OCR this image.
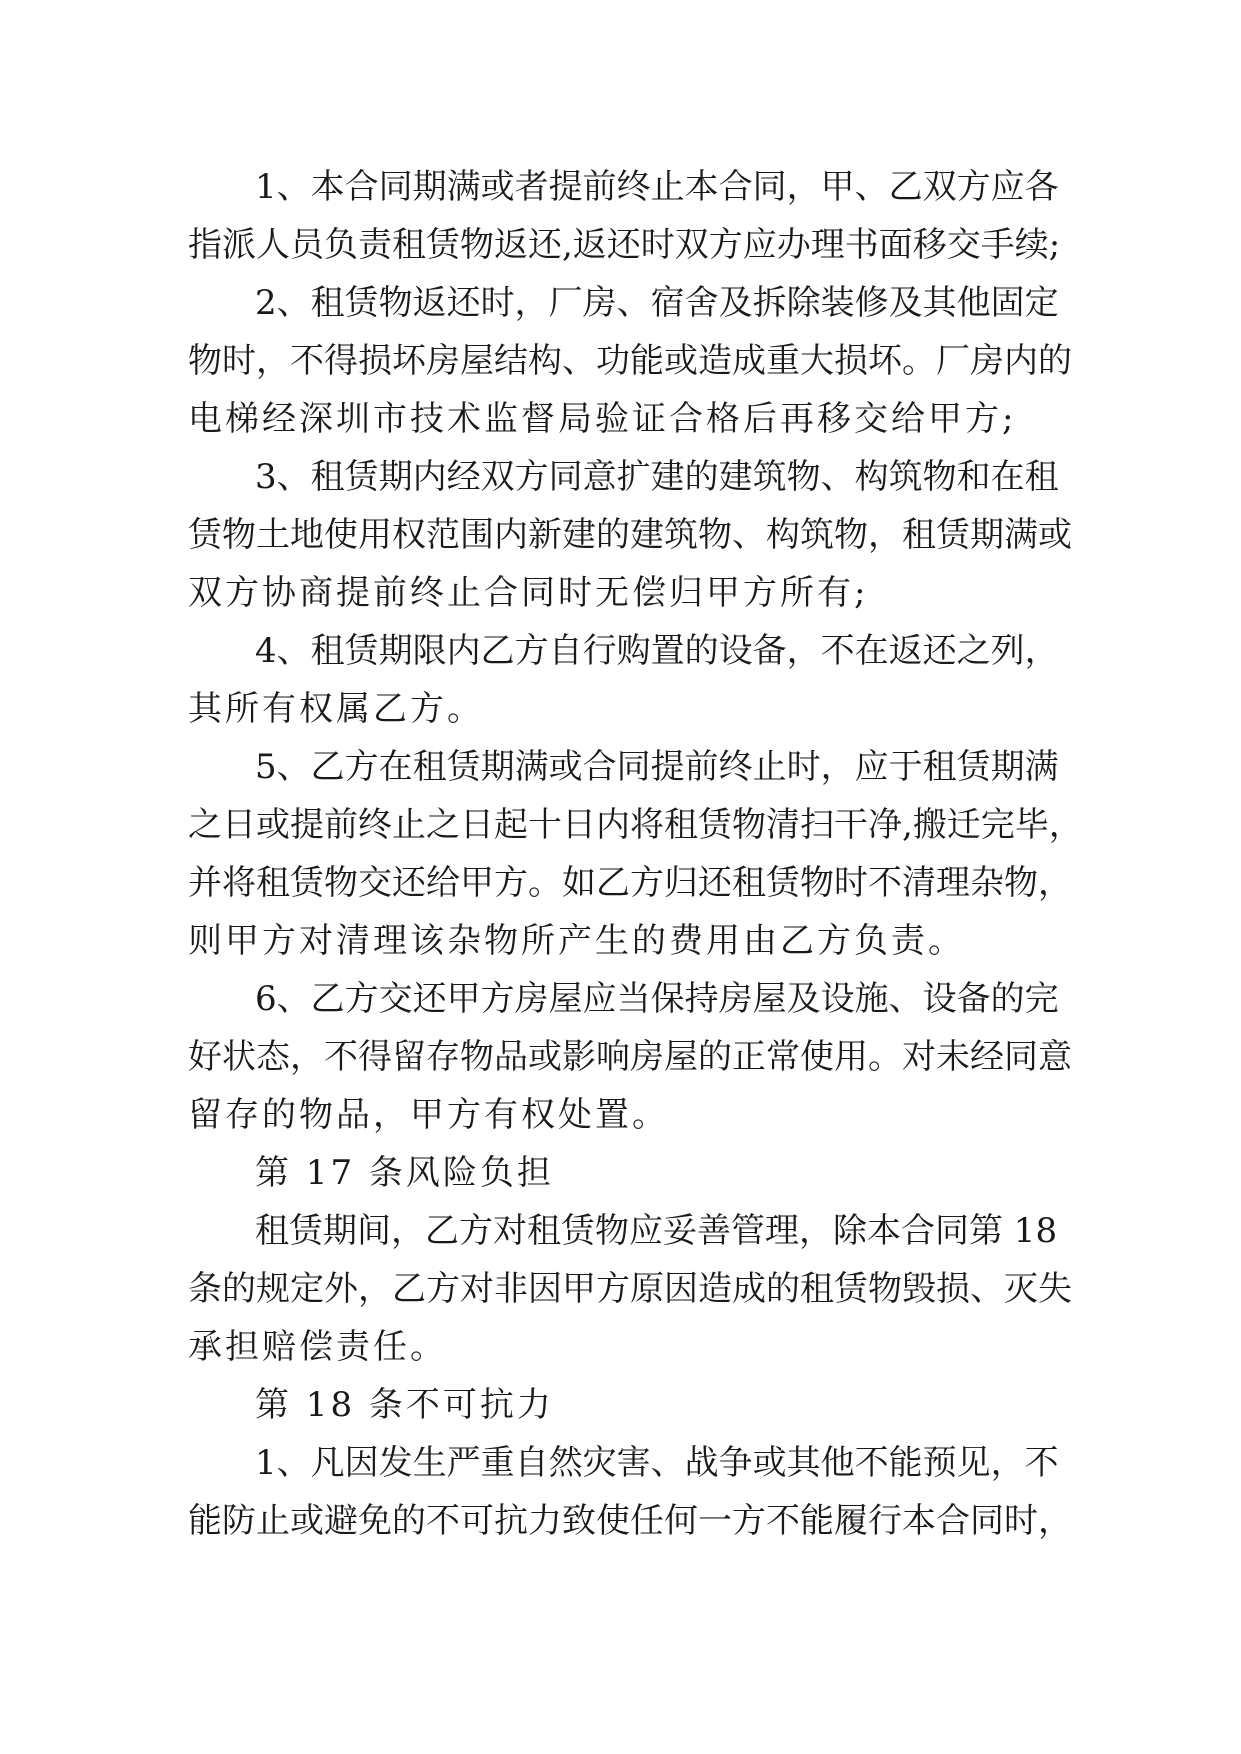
1、本合同期满或者提前终止本合同，甲、乙双方应各
指派人员负责租赁物返还,返还时双方应办理书面移交手续;
2、租赁物返还时，厂房、宿舍及拆除装修及其他固定
物时，不得损坏房屋结构、功能或造成重大损坏。厂房内的
电梯经深圳市技术监督局验证合格后再移交给甲方;
3、租赁期内经双方同意扩建的建筑物、构筑物和在租
赁物土地使用权范围内新建的建筑物、构筑物，租赁期满或
双方协商提前终止合同时无偿归甲方所有;
4、租赁期限内乙方自行购置的设备，不在返还之列，
其所有权属乙方。
5、乙方在租赁期满或合同提前终止时，应于租赁期满
之日或提前终止之日起十日内将租赁物清扫干净,搬迁完毕，
并将租赁物交还给甲方。如乙方归还租赁物时不清理杂物，
则甲方对清理该杂物所产生的费用由乙方负责。
6、乙方交还甲方房屋应当保持房屋及设施、设备的完
好状态，不得留存物品或影响房屋的正常使用。对未经同意
留存的物品，甲方有权处置。
第 17 条风险负担
租赁期间，乙方对租赁物应妥善管理，除本合同第 18
条的规定外，乙方对非因甲方原因造成的租赁物毁损、灭失
承担赔偿责任。
第 18 条不可抗力
1、凡因发生严重自然灾害、战争或其他不能预见，不
能防止或避免的不可抗力致使任何一方不能履行本合同时，
